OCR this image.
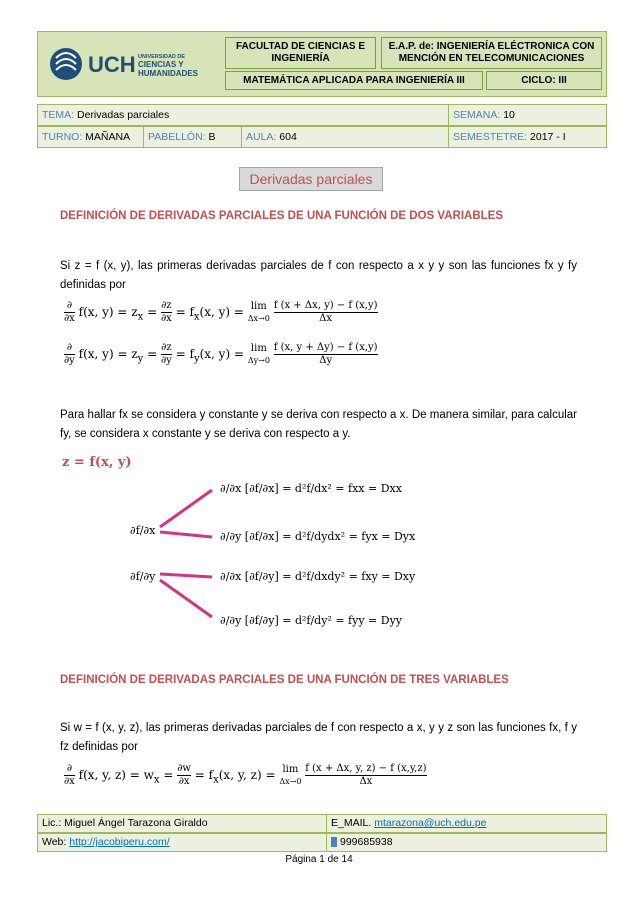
UCH UNIVERSIDAD DE
CIENCIAS Y
HUMANIDADES
FACULTAD DE CIENCIAS E INGENIERÍA
E.A.P. de: INGENIERÍA ELÉCTRONICA CON MENCIÓN EN TELECOMUNICACIONES
MATEMÁTICA APLICADA PARA INGENIERÍA III	CICLO: III
TEMA: Derivadas parciales	SEMANA: 10
TURNO: MAÑANA	PABELLÓN: B	AULA: 604	SEMESTETRE: 2017 - I
Derivadas parciales
DEFINICIÓN DE DERIVADAS PARCIALES DE UNA FUNCIÓN DE DOS VARIABLES
Si z = f (x, y), las primeras derivadas parciales de f con respecto a x y y son las funciones fx y fy definidas por
$\frac{\partial}{\partial x} f(x$, $y) = z_x = \frac{\partial z}{\partial x} = f_x(x$, y) = lim
Δx→0
$\frac{f (x + \Delta x, y) - f (x,y)}{\Delta x}$
$\frac{\partial}{\partial y} f(x$, $y) = z_y = \frac{\partial z}{\partial y} = f_y(x$, y) = lim
Δy→0
$\frac{f (x, y + \Delta y) - f (x,y)}{\Delta y}$
Para hallar fx se considera y constante y se deriva con respecto a x. De manera similar, para calcular fy, se considera x constante y se deriva con respecto a y.
z = f(x, y)
∂f/∂x
∂f/∂y
∂/∂x [∂f/∂x] = d²f/dx² = fxx = Dxx
∂/∂y [∂f/∂x] = d²f/dydx² = fyx = Dyx
∂/∂x [∂f/∂y] = d²f/dxdy² = fxy = Dxy
∂/∂y [∂f/∂y] = d²f/dy² = fyy = Dyy
DEFINICIÓN DE DERIVADAS PARCIALES DE UNA FUNCIÓN DE TRES VARIABLES
Si w = f (x, y, z), las primeras derivadas parciales de f con respecto a x, y y z son las funciones fx, f y fz definidas por
$\frac{\partial}{\partial x} f(x$, y, $z) = w_x = \frac{\partial w}{\partial x} = f_x(x$, y, z) = lim
Δx→0
$\frac{f (x + \Delta x, y, z) - f (x,y,z)}{\Delta x}$
Lic.: Miguel Ángel Tarazona Giraldo	E_MAIL. mtarazona@uch.edu.pe
Web: http://jacobiperu.com/	999685938
Página 1 de 14
